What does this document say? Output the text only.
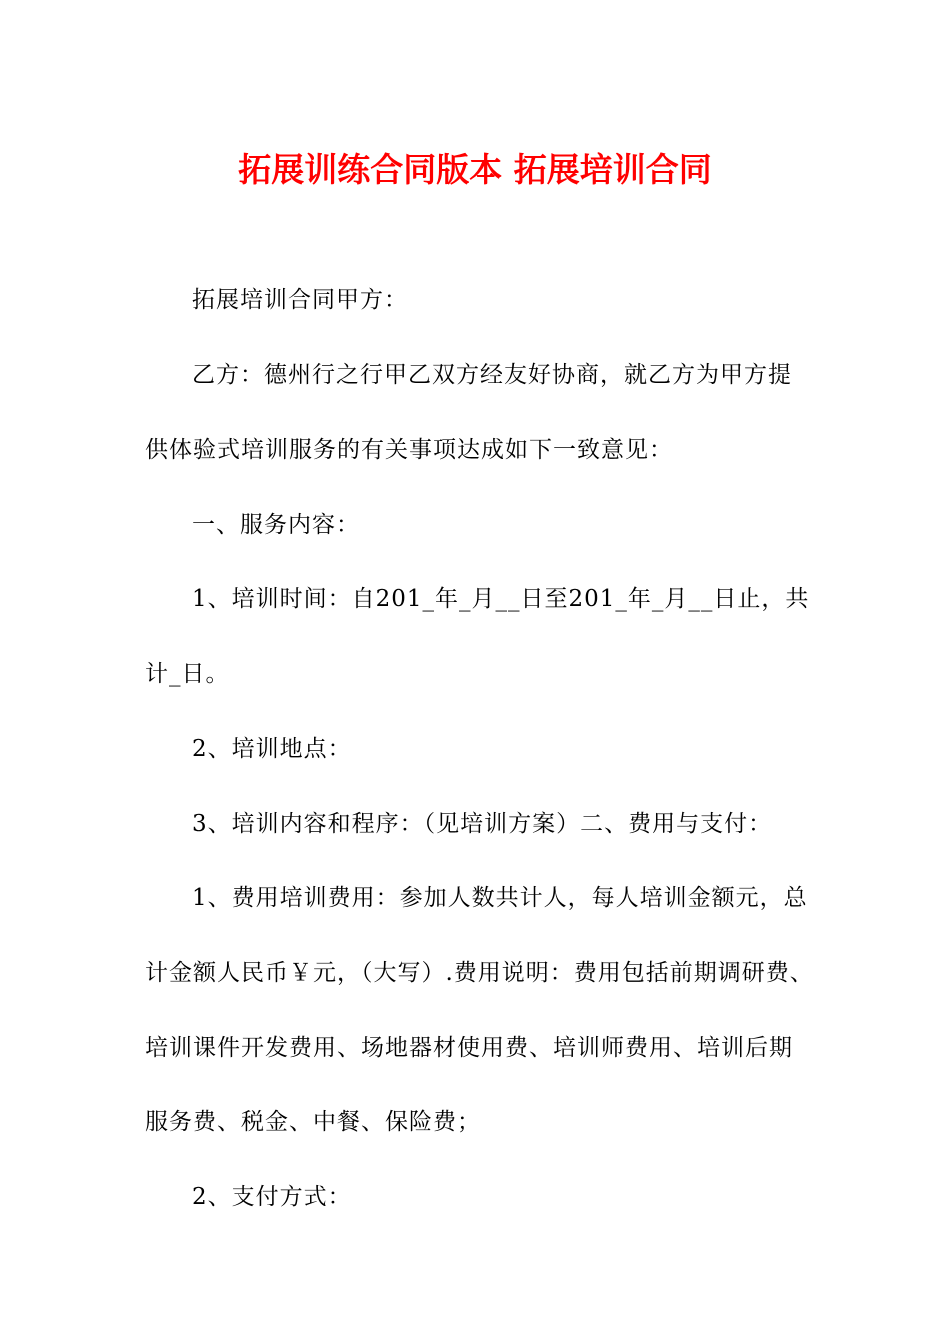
拓展训练合同版本 拓展培训合同
拓展培训合同甲方：
乙方：德州行之行甲乙双方经友好协商，就乙方为甲方提
供体验式培训服务的有关事项达成如下一致意见：
一、服务内容：
1、培训时间：自201_年_月__日至201_年_月__日止，共
计_日。
2、培训地点：
3、培训内容和程序：（见培训方案）二、费用与支付：
1、费用培训费用：参加人数共计人，每人培训金额元，总
计金额人民币￥元，（大写）.费用说明：费用包括前期调研费、
培训课件开发费用、场地器材使用费、培训师费用、培训后期
服务费、税金、中餐、保险费；
2、支付方式：
